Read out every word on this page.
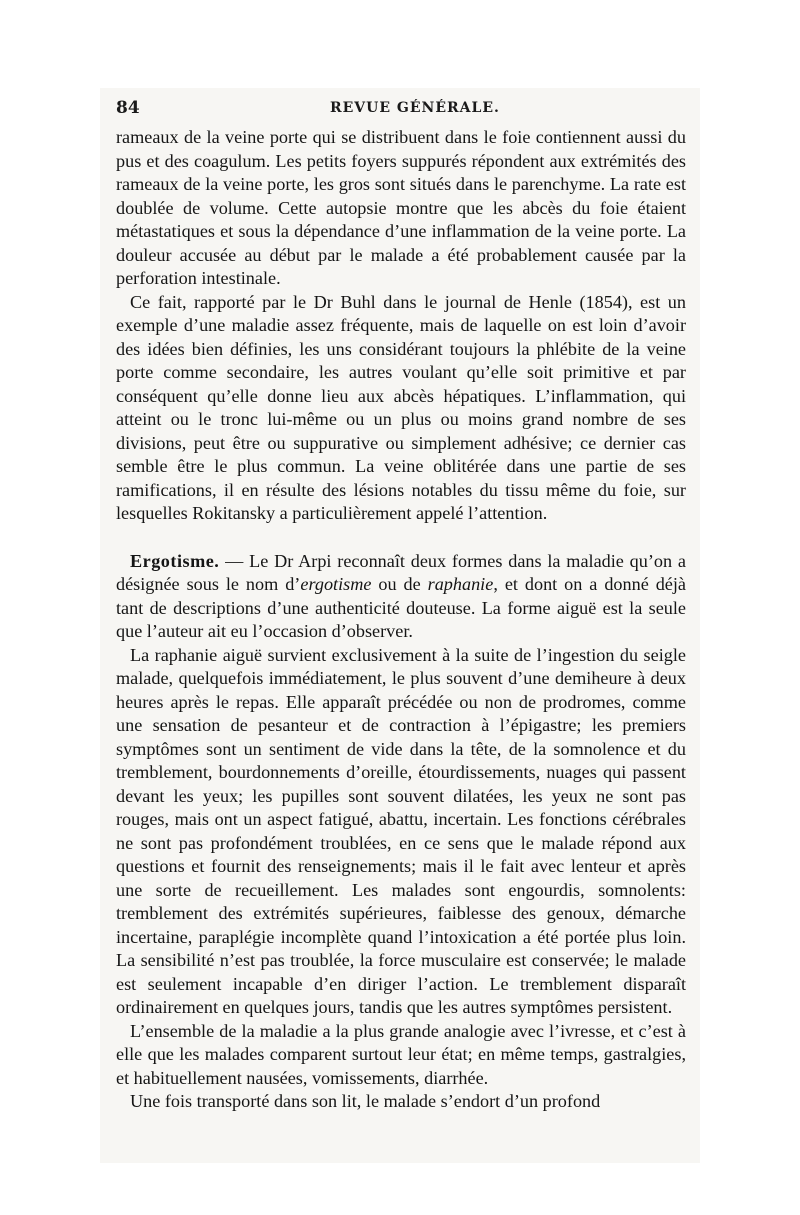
84	REVUE GÉNÉRALE.

rameaux de la veine porte qui se distribuent dans le foie contiennent aussi du pus et des coagulum. Les petits foyers suppurés répondent aux extrémités des rameaux de la veine porte, les gros sont situés dans le parenchyme. La rate est doublée de volume. Cette autopsie montre que les abcès du foie étaient métastatiques et sous la dépendance d’une inflammation de la veine porte. La douleur accusée au début par le malade a été probablement causée par la perforation intestinale.

Ce fait, rapporté par le Dr Buhl dans le journal de Henle (1854), est un exemple d’une maladie assez fréquente, mais de laquelle on est loin d’avoir des idées bien définies, les uns considérant toujours la phlébite de la veine porte comme secondaire, les autres voulant qu’elle soit primitive et par conséquent qu’elle donne lieu aux abcès hépatiques. L’inflammation, qui atteint ou le tronc lui-même ou un plus ou moins grand nombre de ses divisions, peut être ou suppurative ou simplement adhésive; ce dernier cas semble être le plus commun. La veine oblitérée dans une partie de ses ramifications, il en résulte des lésions notables du tissu même du foie, sur lesquelles Rokitansky a particulièrement appelé l’attention.

Ergotisme. — Le Dr Arpi reconnaît deux formes dans la maladie qu’on a désignée sous le nom d’ergotisme ou de raphanie, et dont on a donné déjà tant de descriptions d’une authenticité douteuse. La forme aiguë est la seule que l’auteur ait eu l’occasion d’observer.

La raphanie aiguë survient exclusivement à la suite de l’ingestion du seigle malade, quelquefois immédiatement, le plus souvent d’une demiheure à deux heures après le repas. Elle apparaît précédée ou non de prodromes, comme une sensation de pesanteur et de contraction à l’épigastre; les premiers symptômes sont un sentiment de vide dans la tête, de la somnolence et du tremblement, bourdonnements d’oreille, étourdissements, nuages qui passent devant les yeux; les pupilles sont souvent dilatées, les yeux ne sont pas rouges, mais ont un aspect fatigué, abattu, incertain. Les fonctions cérébrales ne sont pas profondément troublées, en ce sens que le malade répond aux questions et fournit des renseignements; mais il le fait avec lenteur et après une sorte de recueillement. Les malades sont engourdis, somnolents: tremblement des extrémités supérieures, faiblesse des genoux, démarche incertaine, paraplégie incomplète quand l’intoxication a été portée plus loin. La sensibilité n’est pas troublée, la force musculaire est conservée; le malade est seulement incapable d’en diriger l’action. Le tremblement disparaît ordinairement en quelques jours, tandis que les autres symptômes persistent.

L’ensemble de la maladie a la plus grande analogie avec l’ivresse, et c’est à elle que les malades comparent surtout leur état; en même temps, gastralgies, et habituellement nausées, vomissements, diarrhée.

Une fois transporté dans son lit, le malade s’endort d’un profond
